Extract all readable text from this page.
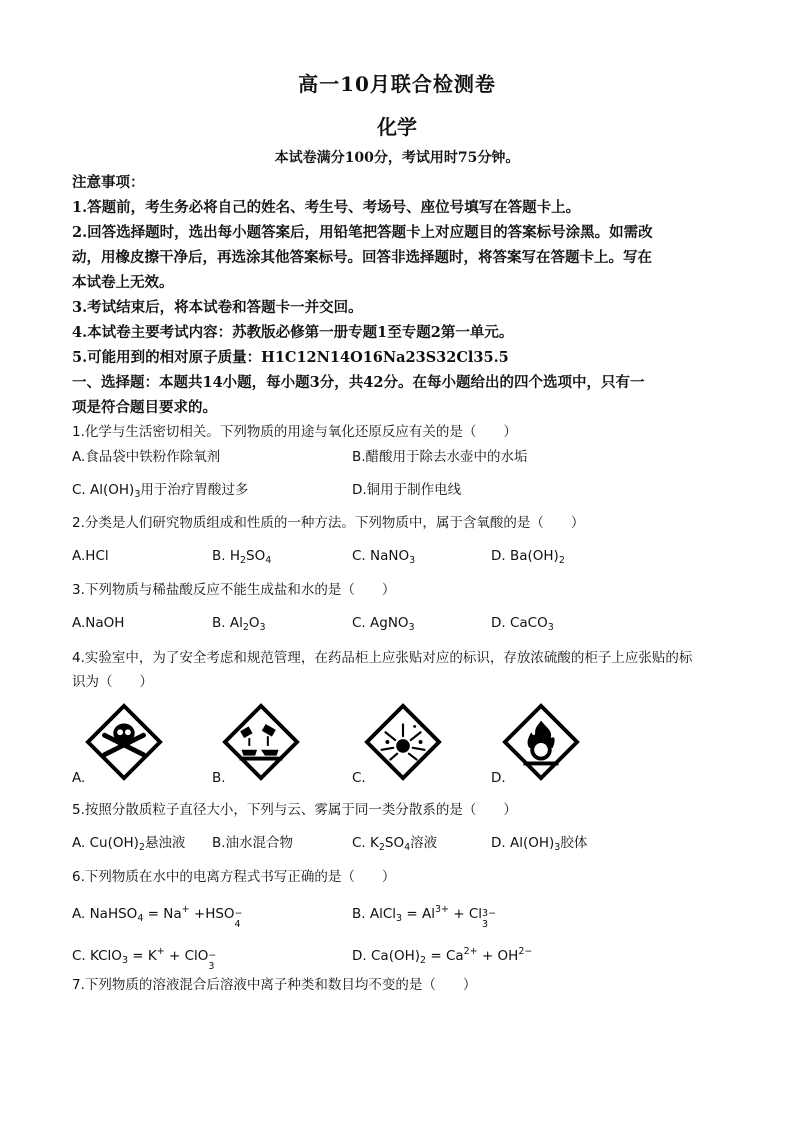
高一10月联合检测卷
化学
本试卷满分100分，考试用时75分钟。
注意事项：
1.答题前，考生务必将自己的姓名、考生号、考场号、座位号填写在答题卡上。
2.回答选择题时，选出每小题答案后，用铅笔把答题卡上对应题目的答案标号涂黑。如需改
动，用橡皮擦干净后，再选涂其他答案标号。回答非选择题时，将答案写在答题卡上。写在
本试卷上无效。
3.考试结束后，将本试卷和答题卡一并交回。
4.本试卷主要考试内容：苏教版必修第一册专题1至专题2第一单元。
5.可能用到的相对原子质量：H1C12N14O16Na23S32Cl35.5
一、选择题：本题共14小题，每小题3分，共42分。在每小题给出的四个选项中，只有一
项是符合题目要求的。
1.化学与生活密切相关。下列物质的用途与氧化还原反应有关的是（　　）
A.食品袋中铁粉作除氧剂	B.醋酸用于除去水壶中的水垢
C. $Al(OH)_3$用于治疗胃酸过多	D.铜用于制作电线
2.分类是人们研究物质组成和性质的一种方法。下列物质中，属于含氧酸的是（　　）
A.HCl	B. $H_2SO_4$	C. NaNO$_3$	D. $Ba(OH)_2$
3.下列物质与稀盐酸反应不能生成盐和水的是（　　）
A.NaOH	B. $Al_2O_3$	C. AgNO$_3$	D. CaCO$_3$
4.实验室中，为了安全考虑和规范管理，在药品柜上应张贴对应的标识，存放浓硫酸的柜子上应张贴的标
识为（　　）
A.	B.	C.	D.
5.按照分散质粒子直径大小，下列与云、雾属于同一类分散系的是（　　）
A. $Cu(OH)_2$悬浊液 B.油水混合物	C. $K_2SO_4$溶液	D. $Al(OH)_3$胶体
6.下列物质在水中的电离方程式书写正确的是（　　）
A. NaHSO$_4$ = Na+ +HSO −
4
B. AlCl$_3$ = $Al^{3+} + Cl$ 3−
3
C. KClO$_3$ = K+ + ClO −
3
D. $Ca(OH)_2 = Ca^{2+} + OH^{2-}$
7.下列物质的溶液混合后溶液中离子种类和数目均不变的是（　　）
